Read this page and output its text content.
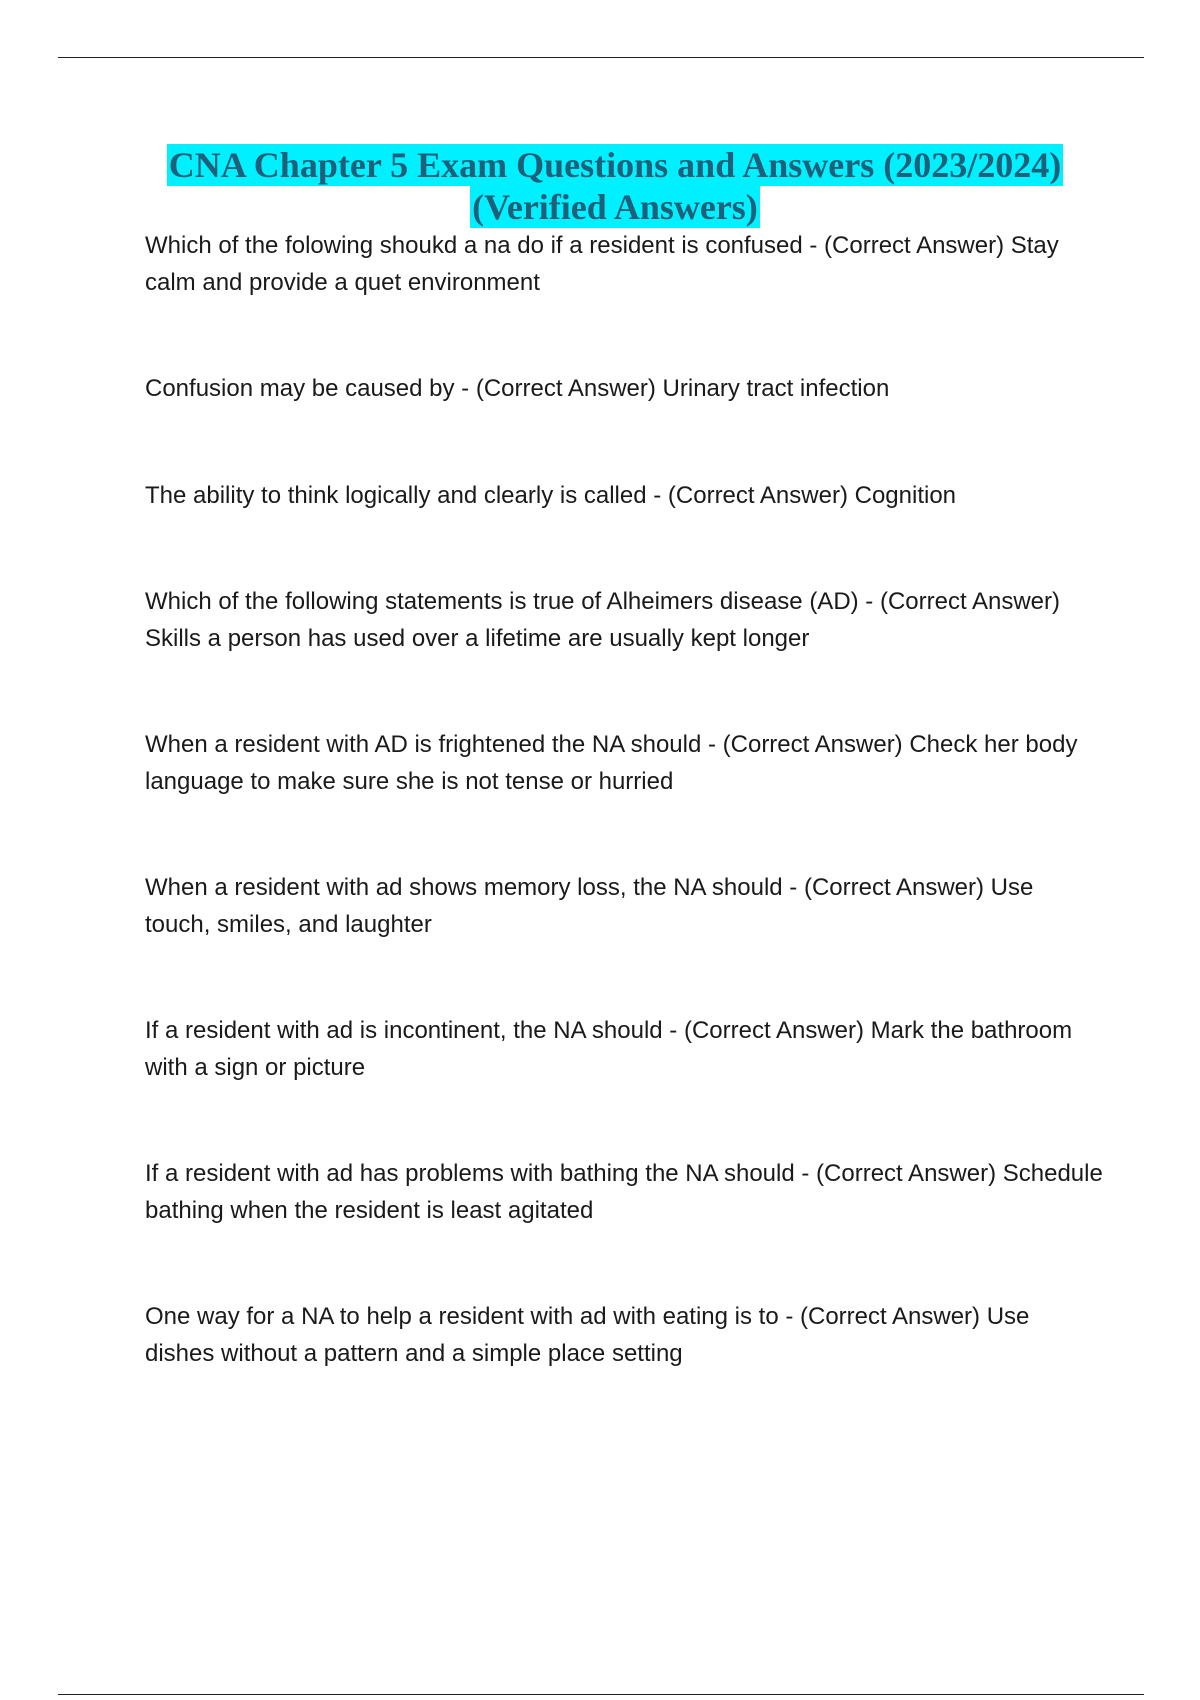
CNA Chapter 5 Exam Questions and Answers (2023/2024)
(Verified Answers)
Which of the folowing shoukd a na do if a resident is confused - (Correct Answer) Stay calm and provide a quet environment
Confusion may be caused by - (Correct Answer) Urinary tract infection
The ability to think logically and clearly is called - (Correct Answer) Cognition
Which of the following statements is true of Alheimers disease (AD) - (Correct Answer) Skills a person has used over a lifetime are usually kept longer
When a resident with AD is frightened the NA should - (Correct Answer) Check her body language to make sure she is not tense or hurried
When a resident with ad shows memory loss, the NA should - (Correct Answer) Use touch, smiles, and laughter
If a resident with ad is incontinent, the NA should - (Correct Answer) Mark the bathroom with a sign or picture
If a resident with ad has problems with bathing the NA should - (Correct Answer) Schedule bathing when the resident is least agitated
One way for a NA to help a resident with ad with eating is to - (Correct Answer) Use dishes without a pattern and a simple place setting
